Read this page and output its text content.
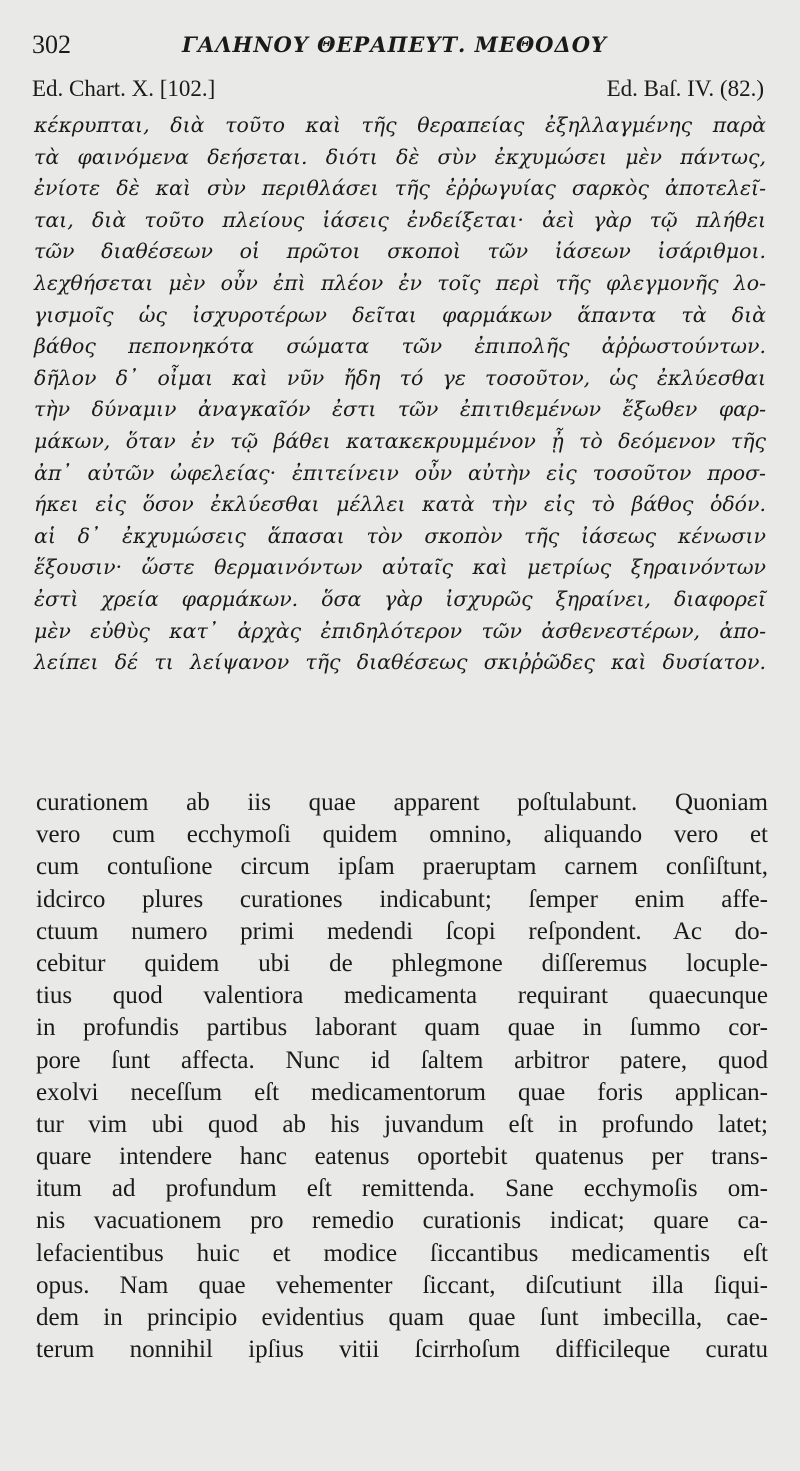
302	ΓΑΛΗΝΟΥ ΘΕΡΑΠΕΥΤ. ΜΕΘΟΔΟΥ
Ed. Chart. X. [102.]	Ed. Baſ. IV. (82.)
κέκρυπται, διὰ τοῦτο καὶ τῆς θεραπείας ἐξηλλαγμένης παρὰ
τὰ φαινόμενα δεήσεται. διότι δὲ σὺν ἐκχυμώσει μὲν πάντως,
ἐνίοτε δὲ καὶ σὺν περιθλάσει τῆς ἐῤῥωγυίας σαρκὸς ἀποτελεῖ-
ται, διὰ τοῦτο πλείους ἰάσεις ἐνδείξεται· ἀεὶ γὰρ τῷ πλήθει
τῶν διαθέσεων οἱ πρῶτοι σκοποὶ τῶν ἰάσεων ἰσάριθμοι.
λεχθήσεται μὲν οὖν ἐπὶ πλέον ἐν τοῖς περὶ τῆς φλεγμονῆς λο-
γισμοῖς ὡς ἰσχυροτέρων δεῖται φαρμάκων ἅπαντα τὰ διὰ
βάθος πεπονηκότα σώματα τῶν ἐπιπολῆς ἀῤῥωστούντων.
δῆλον δ᾽ οἶμαι καὶ νῦν ἤδη τό γε τοσοῦτον, ὡς ἐκλύεσθαι
τὴν δύναμιν ἀναγκαῖόν ἐστι τῶν ἐπιτιθεμένων ἔξωθεν φαρ-
μάκων, ὅταν ἐν τῷ βάθει κατακεκρυμμένον ᾖ τὸ δεόμενον τῆς
ἀπ᾽ αὐτῶν ὠφελείας· ἐπιτείνειν οὖν αὐτὴν εἰς τοσοῦτον προσ-
ήκει εἰς ὅσον ἐκλύεσθαι μέλλει κατὰ τὴν εἰς τὸ βάθος ὁδόν.
αἱ δ᾽ ἐκχυμώσεις ἅπασαι τὸν σκοπὸν τῆς ἰάσεως κένωσιν
ἕξουσιν· ὥστε θερμαινόντων αὐταῖς καὶ μετρίως ξηραινόντων
ἐστὶ χρεία φαρμάκων. ὅσα γὰρ ἰσχυρῶς ξηραίνει, διαφορεῖ
μὲν εὐθὺς κατ᾽ ἀρχὰς ἐπιδηλότερον τῶν ἀσθενεστέρων, ἀπο-
λείπει δέ τι λείψανον τῆς διαθέσεως σκιῤῥῶδες καὶ δυσίατον.
curationem ab iis quae apparent poſtulabunt. Quoniam
vero cum ecchymoſi quidem omnino, aliquando vero et
cum contuſione circum ipſam praeruptam carnem conſiſtunt,
idcirco plures curationes indicabunt; ſemper enim affe-
ctuum numero primi medendi ſcopi reſpondent. Ac do-
cebitur quidem ubi de phlegmone diſſeremus locuple-
tius quod valentiora medicamenta requirant quaecunque
in profundis partibus laborant quam quae in ſummo cor-
pore ſunt affecta. Nunc id ſaltem arbitror patere, quod
exolvi neceſſum eſt medicamentorum quae foris applican-
tur vim ubi quod ab his juvandum eſt in profundo latet;
quare intendere hanc eatenus oportebit quatenus per trans-
itum ad profundum eſt remittenda. Sane ecchymoſis om-
nis vacuationem pro remedio curationis indicat; quare ca-
lefacientibus huic et modice ſiccantibus medicamentis eſt
opus. Nam quae vehementer ſiccant, diſcutiunt illa ſiqui-
dem in principio evidentius quam quae ſunt imbecilla, cae-
terum nonnihil ipſius vitii ſcirrhoſum difficileque curatu
